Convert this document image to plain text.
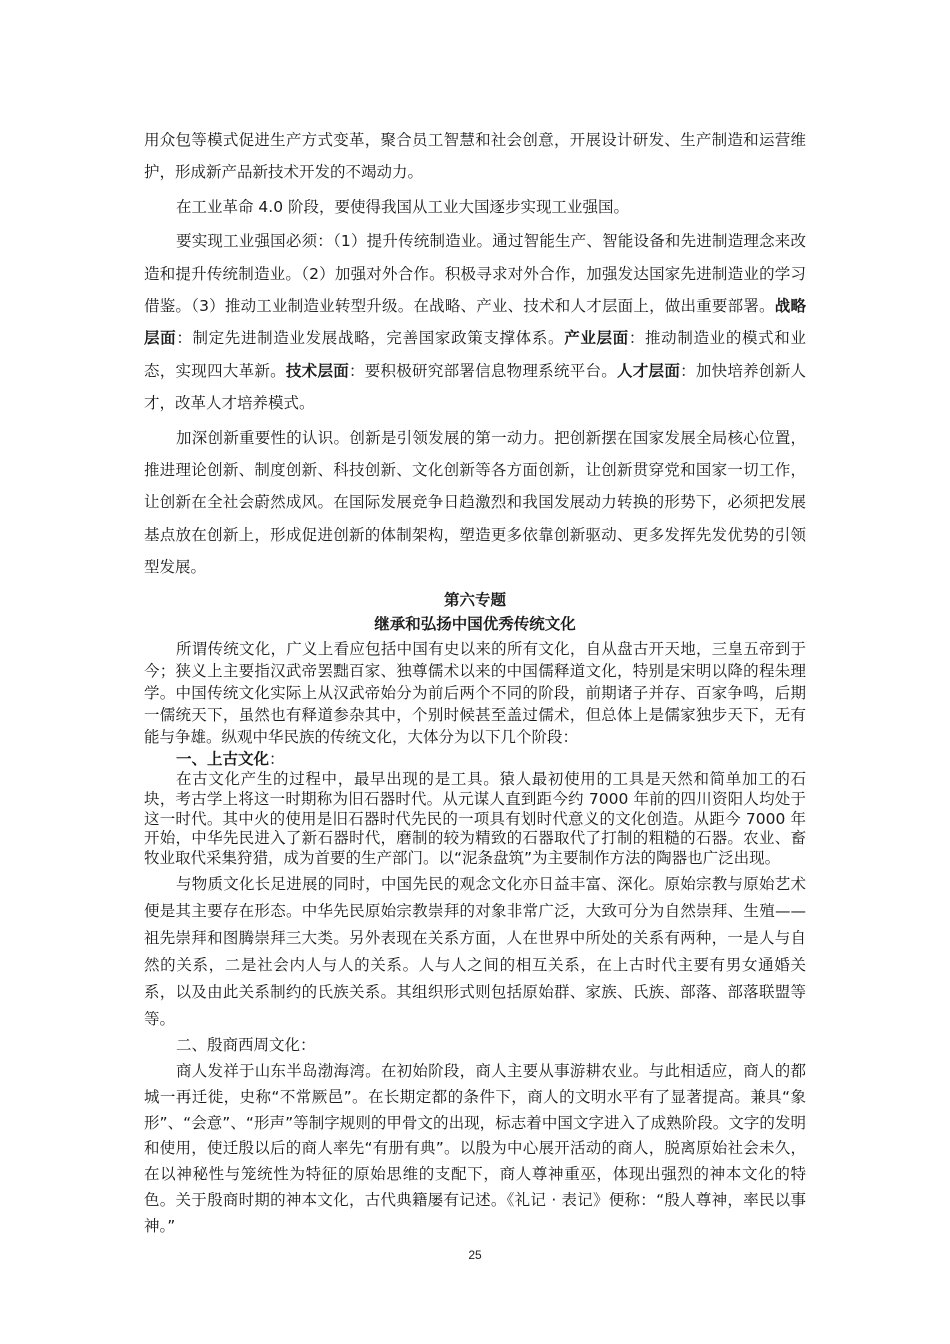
用众包等模式促进生产方式变革，聚合员工智慧和社会创意，开展设计研发、生产制造和运营维护，形成新产品新技术开发的不竭动力。

在工业革命 4.0 阶段，要使得我国从工业大国逐步实现工业强国。

要实现工业强国必须：（1）提升传统制造业。通过智能生产、智能设备和先进制造理念来改造和提升传统制造业。（2）加强对外合作。积极寻求对外合作，加强发达国家先进制造业的学习借鉴。（3）推动工业制造业转型升级。在战略、产业、技术和人才层面上，做出重要部署。战略层面：制定先进制造业发展战略，完善国家政策支撑体系。产业层面：推动制造业的模式和业态，实现四大革新。技术层面：要积极研究部署信息物理系统平台。人才层面：加快培养创新人才，改革人才培养模式。

加深创新重要性的认识。创新是引领发展的第一动力。把创新摆在国家发展全局核心位置，推进理论创新、制度创新、科技创新、文化创新等各方面创新，让创新贯穿党和国家一切工作，让创新在全社会蔚然成风。在国际发展竞争日趋激烈和我国发展动力转换的形势下，必须把发展基点放在创新上，形成促进创新的体制架构，塑造更多依靠创新驱动、更多发挥先发优势的引领型发展。

第六专题
继承和弘扬中国优秀传统文化

所谓传统文化，广义上看应包括中国有史以来的所有文化，自从盘古开天地，三皇五帝到于今；狭义上主要指汉武帝罢黜百家、独尊儒术以来的中国儒释道文化，特别是宋明以降的程朱理学。中国传统文化实际上从汉武帝始分为前后两个不同的阶段，前期诸子并存、百家争鸣，后期一儒统天下，虽然也有释道参杂其中，个别时候甚至盖过儒术，但总体上是儒家独步天下，无有能与争雄。纵观中华民族的传统文化，大体分为以下几个阶段：

一、上古文化：

在古文化产生的过程中，最早出现的是工具。猿人最初使用的工具是天然和简单加工的石块，考古学上将这一时期称为旧石器时代。从元谋人直到距今约 7000 年前的四川资阳人均处于这一时代。其中火的使用是旧石器时代先民的一项具有划时代意义的文化创造。从距今 7000 年开始，中华先民进入了新石器时代，磨制的较为精致的石器取代了打制的粗糙的石器。农业、畜牧业取代采集狩猎，成为首要的生产部门。以“泥条盘筑”为主要制作方法的陶器也广泛出现。

与物质文化长足进展的同时，中国先民的观念文化亦日益丰富、深化。原始宗教与原始艺术便是其主要存在形态。中华先民原始宗教崇拜的对象非常广泛，大致可分为自然崇拜、生殖——祖先崇拜和图腾崇拜三大类。另外表现在关系方面，人在世界中所处的关系有两种，一是人与自然的关系，二是社会内人与人的关系。人与人之间的相互关系，在上古时代主要有男女通婚关系，以及由此关系制约的氏族关系。其组织形式则包括原始群、家族、氏族、部落、部落联盟等等。

二、殷商西周文化：

商人发祥于山东半岛渤海湾。在初始阶段，商人主要从事游耕农业。与此相适应，商人的都城一再迁徙，史称“不常厥邑”。在长期定都的条件下，商人的文明水平有了显著提高。兼具“象形”、“会意”、“形声”等制字规则的甲骨文的出现，标志着中国文字进入了成熟阶段。文字的发明和使用，使迁殷以后的商人率先“有册有典”。以殷为中心展开活动的商人，脱离原始社会未久，在以神秘性与笼统性为特征的原始思维的支配下，商人尊神重巫，体现出强烈的神本文化的特色。关于殷商时期的神本文化，古代典籍屡有记述。《礼记 · 表记》便称：“殷人尊神，率民以事神。”

25
